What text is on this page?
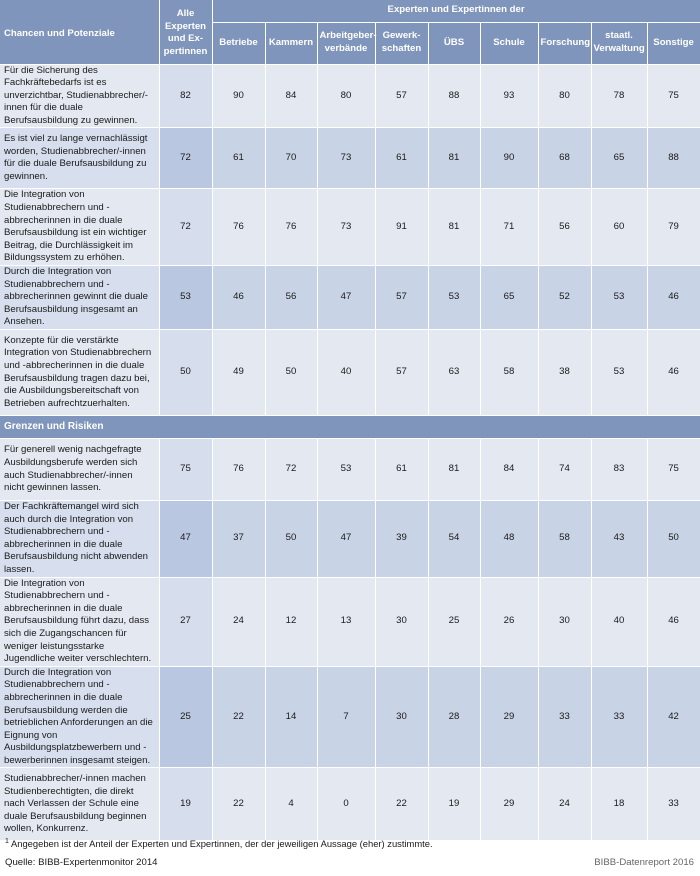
Chancen und Potenziale	Alle Experten und Ex-pertinnen	Experten und Expertinnen der								
		Betriebe	Kammern	Arbeitgeber-verbände	Gewerk-schaften	ÜBS	Schule	Forschung	staatl. Verwaltung	Sonstige
Für die Sicherung des Fachkräftebedarfs ist es unverzichtbar, Studienabbrecher/-innen für die duale Berufsausbildung zu gewinnen.	82	90	84	80	57	88	93	80	78	75
Es ist viel zu lange vernachlässigt worden, Studienabbrecher/-innen für die duale Berufsausbildung zu gewinnen.	72	61	70	73	61	81	90	68	65	88
Die Integration von Studienabbrechern und -abbrecherinnen in die duale Berufsausbildung ist ein wichtiger Beitrag, die Durchlässigkeit im Bildungssystem zu erhöhen.	72	76	76	73	91	81	71	56	60	79
Durch die Integration von Studienabbrechern und -abbrecherinnen gewinnt die duale Berufsausbildung insgesamt an Ansehen.	53	46	56	47	57	53	65	52	53	46
Konzepte für die verstärkte Integration von Studienabbrechern und -abbrecherinnen in die duale Berufsausbildung tragen dazu bei, die Ausbildungsbereitschaft von Betrieben aufrechtzuerhalten.	50	49	50	40	57	63	58	38	53	46
Grenzen und Risiken										
Für generell wenig nachgefragte Ausbildungsberufe werden sich auch Studienabbrecher/-innen nicht gewinnen lassen.	75	76	72	53	61	81	84	74	83	75
Der Fachkräftemangel wird sich auch durch die Integration von Studienabbrechern und -abbrecherinnen in die duale Berufsausbildung nicht abwenden lassen.	47	37	50	47	39	54	48	58	43	50
Die Integration von Studienabbrechern und -abbrecherinnen in die duale Berufsausbildung führt dazu, dass sich die Zugangschancen für weniger leistungsstarke Jugendliche weiter verschlechtern.	27	24	12	13	30	25	26	30	40	46
Durch die Integration von Studienabbrechern und -abbrecherinnen in die duale Berufsausbildung werden die betrieblichen Anforderungen an die Eignung von Ausbildungsplatzbewerbern und -bewerberinnen insgesamt steigen.	25	22	14	7	30	28	29	33	33	42
Studienabbrecher/-innen machen Studienberechtigten, die direkt nach Verlassen der Schule eine duale Berufsausbildung beginnen wollen, Konkurrenz.	19	22	4	0	22	19	29	24	18	33
$^1$ Angegeben ist der Anteil der Experten und Expertinnen, der der jeweiligen Aussage (eher) zustimmte.
Quelle: BIBB-Expertenmonitor 2014	BIBB-Datenreport 2016
